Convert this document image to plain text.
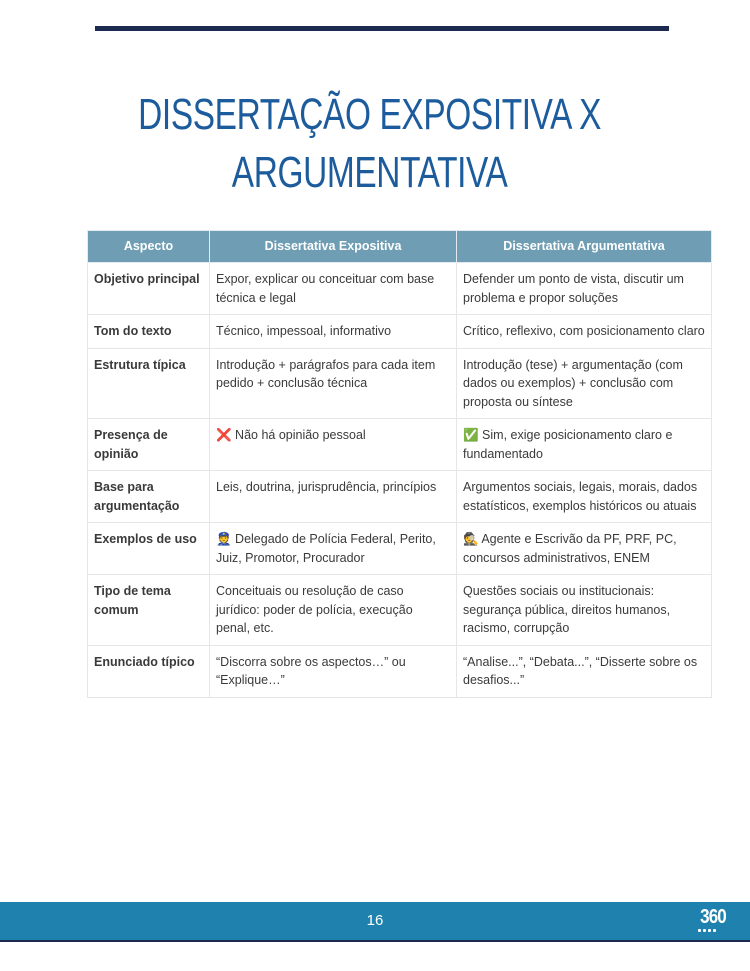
DISSERTAÇÃO EXPOSITIVA X
ARGUMENTATIVA
Aspecto	Dissertativa Expositiva	Dissertativa Argumentativa
Objetivo principal	Expor, explicar ou conceituar com base técnica e legal	Defender um ponto de vista, discutir um problema e propor soluções
Tom do texto	Técnico, impessoal, informativo	Crítico, reflexivo, com posicionamento claro
Estrutura típica	Introdução + parágrafos para cada item pedido + conclusão técnica	Introdução (tese) + argumentação (com dados ou exemplos) + conclusão com proposta ou síntese
Presença de opinião	❌ Não há opinião pessoal	✅ Sim, exige posicionamento claro e fundamentado
Base para argumentação	Leis, doutrina, jurisprudência, princípios	Argumentos sociais, legais, morais, dados estatísticos, exemplos históricos ou atuais
Exemplos de uso	👮 Delegado de Polícia Federal, Perito, Juiz, Promotor, Procurador	🕵 Agente e Escrivão da PF, PRF, PC, concursos administrativos, ENEM
Tipo de tema comum	Conceituais ou resolução de caso jurídico: poder de polícia, execução penal, etc.	Questões sociais ou institucionais: segurança pública, direitos humanos, racismo, corrupção
Enunciado típico	“Discorra sobre os aspectos…” ou “Explique…”	“Analise...”, “Debata...”, “Disserte sobre os desafios...”
16	360
